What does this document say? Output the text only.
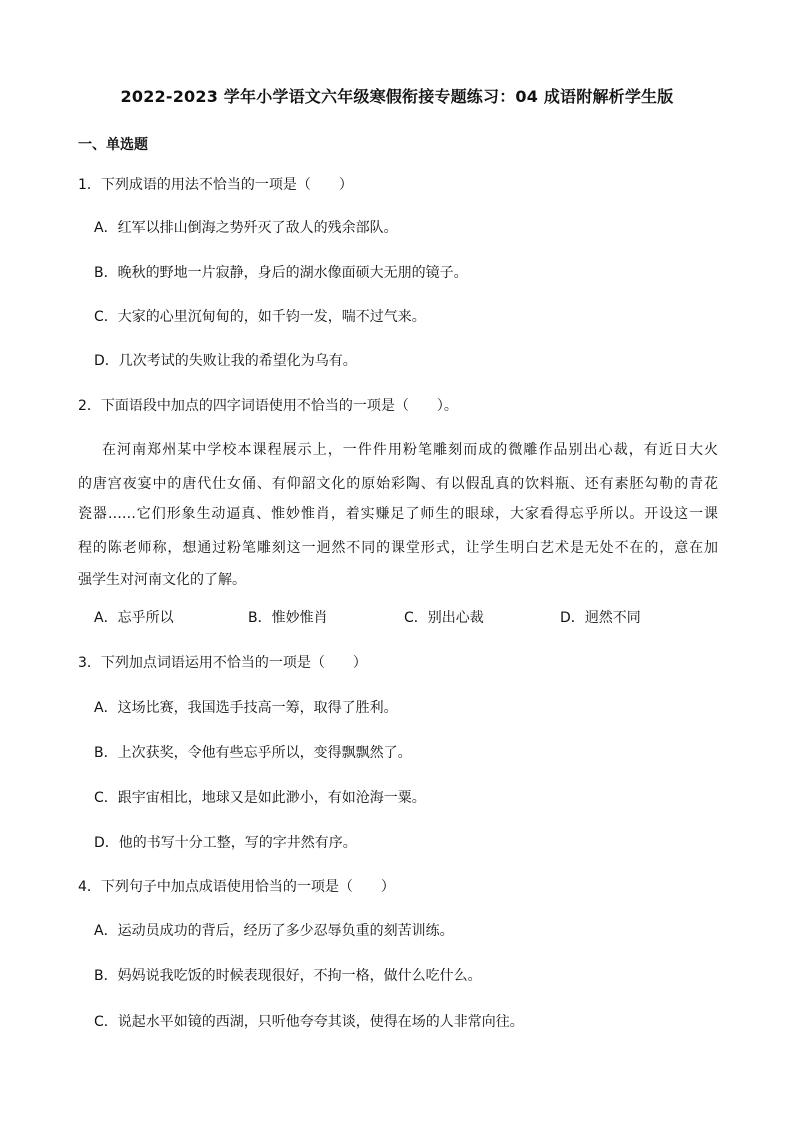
2022-2023 学年小学语文六年级寒假衔接专题练习：04 成语附解析学生版
一、单选题
1．下列成语的用法不恰当的一项是（　　）
A．红军以排山倒海之势歼灭了敌人的残余部队。
B．晚秋的野地一片寂静，身后的湖水像面硕大无朋的镜子。
C．大家的心里沉甸甸的，如千钧一发，喘不过气来。
D．几次考试的失败让我的希望化为乌有。
2．下面语段中加点的四字词语使用不恰当的一项是（　　）。
在河南郑州某中学校本课程展示上，一件件用粉笔雕刻而成的微雕作品别出心裁，有近日大火
的唐宫夜宴中的唐代仕女俑、有仰韶文化的原始彩陶、有以假乱真的饮料瓶、还有素胚勾勒的青花
瓷器……它们形象生动逼真、惟妙惟肖，着实赚足了师生的眼球，大家看得忘乎所以。开设这一课
程的陈老师称，想通过粉笔雕刻这一迥然不同的课堂形式，让学生明白艺术是无处不在的，意在加
强学生对河南文化的了解。
A．忘乎所以	B．惟妙惟肖	C．别出心裁	D．迥然不同
3．下列加点词语运用不恰当的一项是（　　）
A．这场比赛，我国选手技高一筹，取得了胜利。
B．上次获奖，令他有些忘乎所以，变得飘飘然了。
C．跟宇宙相比，地球又是如此渺小，有如沧海一粟。
D．他的书写十分工整，写的字井然有序。
4．下列句子中加点成语使用恰当的一项是（　　）
A．运动员成功的背后，经历了多少忍辱负重的刻苦训练。
B．妈妈说我吃饭的时候表现很好，不拘一格，做什么吃什么。
C．说起水平如镜的西湖，只听他夸夸其谈，使得在场的人非常向往。
